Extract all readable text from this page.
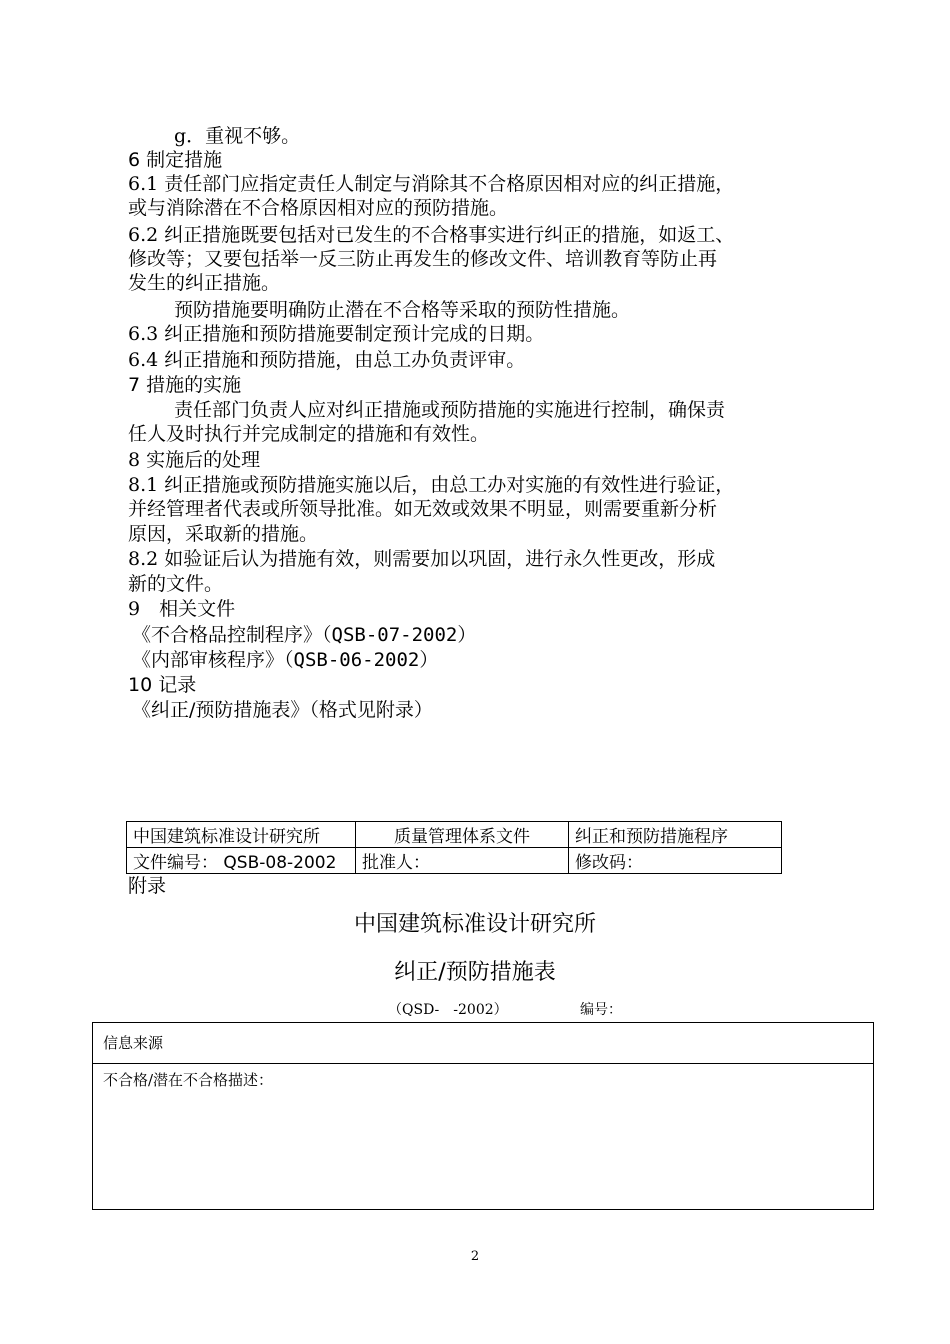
g．重视不够。
6 制定措施
6.1 责任部门应指定责任人制定与消除其不合格原因相对应的纠正措施，
或与消除潜在不合格原因相对应的预防措施。
6.2 纠正措施既要包括对已发生的不合格事实进行纠正的措施，如返工、
修改等；又要包括举一反三防止再发生的修改文件、培训教育等防止再
发生的纠正措施。
预防措施要明确防止潜在不合格等采取的预防性措施。
6.3 纠正措施和预防措施要制定预计完成的日期。
6.4 纠正措施和预防措施，由总工办负责评审。
7 措施的实施
责任部门负责人应对纠正措施或预防措施的实施进行控制，确保责
任人及时执行并完成制定的措施和有效性。
8 实施后的处理
8.1 纠正措施或预防措施实施以后，由总工办对实施的有效性进行验证，
并经管理者代表或所领导批准。如无效或效果不明显，则需要重新分析
原因，采取新的措施。
8.2 如验证后认为措施有效，则需要加以巩固，进行永久性更改，形成
新的文件。
9　相关文件
《不合格品控制程序》（QSB-07-2002）
《内部审核程序》（QSB-06-2002）
10 记录
《纠正/预防措施表》（格式见附录）
中国建筑标准设计研究所	质量管理体系文件	纠正和预防措施程序
文件编号： QSB-08-2002	批准人：	修改码：
附录
中国建筑标准设计研究所
纠正/预防措施表
（QSD-　-2002）	编号：
信息来源
不合格/潜在不合格描述：
2
